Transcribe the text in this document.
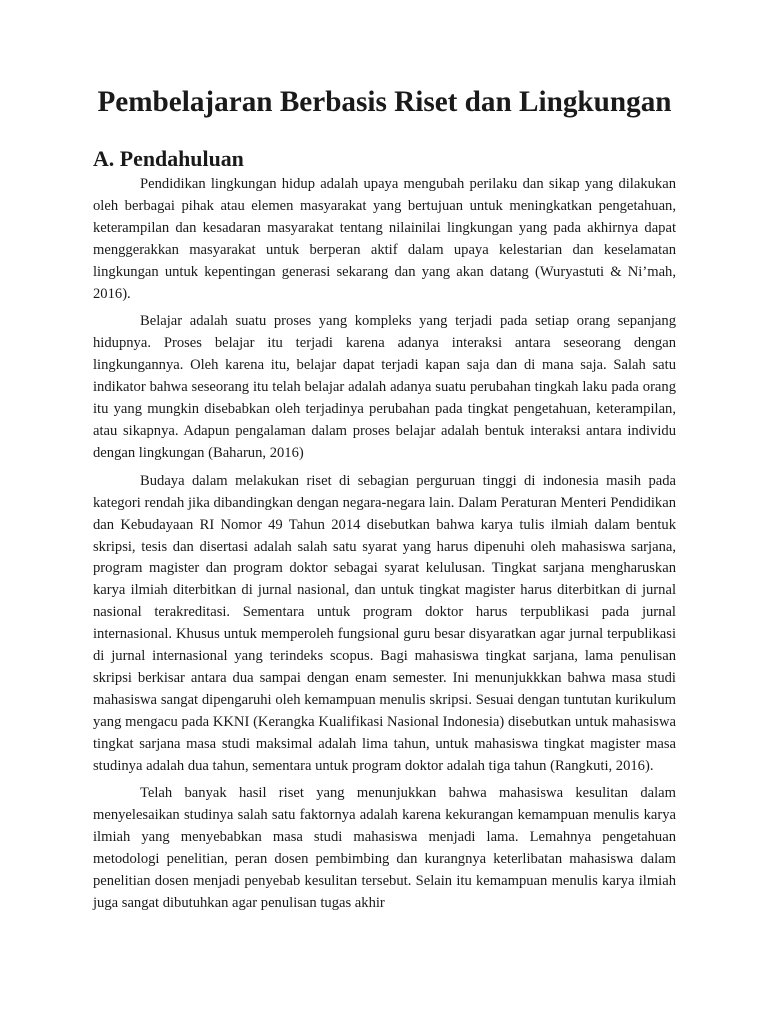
Pembelajaran Berbasis Riset dan Lingkungan
A. Pendahuluan

Pendidikan lingkungan hidup adalah upaya mengubah perilaku dan sikap yang dilakukan oleh berbagai pihak atau elemen masyarakat yang bertujuan untuk meningkatkan pengetahuan, keterampilan dan kesadaran masyarakat tentang nilainilai lingkungan yang pada akhirnya dapat menggerakkan masyarakat untuk berperan aktif dalam upaya kelestarian dan keselamatan lingkungan untuk kepentingan generasi sekarang dan yang akan datang (Wuryastuti & Ni’mah, 2016).

Belajar adalah suatu proses yang kompleks yang terjadi pada setiap orang sepanjang hidupnya. Proses belajar itu terjadi karena adanya interaksi antara seseorang dengan lingkungannya. Oleh karena itu, belajar dapat terjadi kapan saja dan di mana saja. Salah satu indikator bahwa seseorang itu telah belajar adalah adanya suatu perubahan tingkah laku pada orang itu yang mungkin disebabkan oleh terjadinya perubahan pada tingkat pengetahuan, keterampilan, atau sikapnya. Adapun pengalaman dalam proses belajar adalah bentuk interaksi antara individu dengan lingkungan (Baharun, 2016)

Budaya dalam melakukan riset di sebagian perguruan tinggi di indonesia masih pada kategori rendah jika dibandingkan dengan negara-negara lain. Dalam Peraturan Menteri Pendidikan dan Kebudayaan RI Nomor 49 Tahun 2014 disebutkan bahwa karya tulis ilmiah dalam bentuk skripsi, tesis dan disertasi adalah salah satu syarat yang harus dipenuhi oleh mahasiswa sarjana, program magister dan program doktor sebagai syarat kelulusan. Tingkat sarjana mengharuskan karya ilmiah diterbitkan di jurnal nasional, dan untuk tingkat magister harus diterbitkan di jurnal nasional terakreditasi. Sementara untuk program doktor harus terpublikasi pada jurnal internasional. Khusus untuk memperoleh fungsional guru besar disyaratkan agar jurnal terpublikasi di jurnal internasional yang terindeks scopus. Bagi mahasiswa tingkat sarjana, lama penulisan skripsi berkisar antara dua sampai dengan enam semester. Ini menunjukkkan bahwa masa studi mahasiswa sangat dipengaruhi oleh kemampuan menulis skripsi. Sesuai dengan tuntutan kurikulum yang mengacu pada KKNI (Kerangka Kualifikasi Nasional Indonesia) disebutkan untuk mahasiswa tingkat sarjana masa studi maksimal adalah lima tahun, untuk mahasiswa tingkat magister masa studinya adalah dua tahun, sementara untuk program doktor adalah tiga tahun (Rangkuti, 2016).

Telah banyak hasil riset yang menunjukkan bahwa mahasiswa kesulitan dalam menyelesaikan studinya salah satu faktornya adalah karena kekurangan kemampuan menulis karya ilmiah yang menyebabkan masa studi mahasiswa menjadi lama. Lemahnya pengetahuan metodologi penelitian, peran dosen pembimbing dan kurangnya keterlibatan mahasiswa dalam penelitian dosen menjadi penyebab kesulitan tersebut. Selain itu kemampuan menulis karya ilmiah juga sangat dibutuhkan agar penulisan tugas akhir
